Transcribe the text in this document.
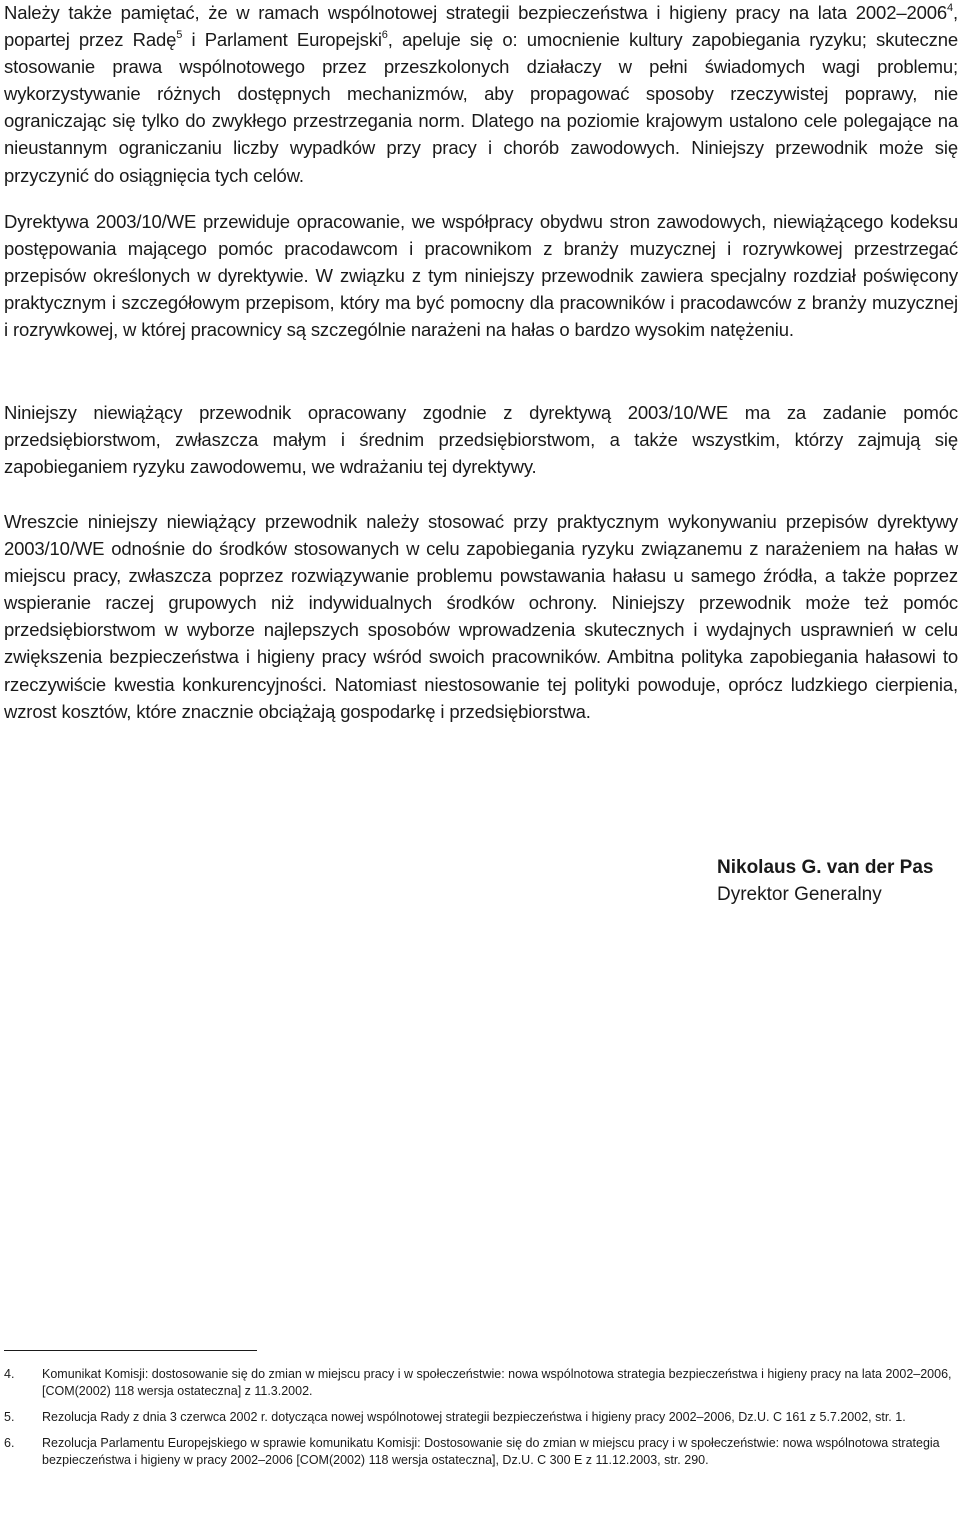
Należy także pamiętać, że w ramach wspólnotowej strategii bezpieczeństwa i higieny pracy na lata 2002–2006$^4$, popartej przez Radę$^5$ i Parlament Europejski$^6$, apeluje się o: umocnienie kultury zapobiegania ryzyku; skuteczne stosowanie prawa wspólnotowego przez przeszkolonych działaczy w pełni świadomych wagi problemu; wykorzystywanie różnych dostępnych mechanizmów, aby propagować sposoby rzeczywistej poprawy, nie ograniczając się tylko do zwykłego przestrzegania norm. Dlatego na poziomie krajowym ustalono cele polegające na nieustannym ograniczaniu liczby wypadków przy pracy i chorób zawodowych. Niniejszy przewodnik może się przyczynić do osiągnięcia tych celów.

Dyrektywa 2003/10/WE przewiduje opracowanie, we współpracy obydwu stron zawodowych, niewiążącego kodeksu postępowania mającego pomóc pracodawcom i pracownikom z branży muzycznej i rozrywkowej przestrzegać przepisów określonych w dyrektywie. W związku z tym niniejszy przewodnik zawiera specjalny rozdział poświęcony praktycznym i szczegółowym przepisom, który ma być pomocny dla pracowników i pracodawców z branży muzycznej i rozrywkowej, w której pracownicy są szczególnie narażeni na hałas o bardzo wysokim natężeniu.

Niniejszy niewiążący przewodnik opracowany zgodnie z dyrektywą 2003/10/WE ma za zadanie pomóc przedsiębiorstwom, zwłaszcza małym i średnim przedsiębiorstwom, a także wszystkim, którzy zajmują się zapobieganiem ryzyku zawodowemu, we wdrażaniu tej dyrektywy.

Wreszcie niniejszy niewiążący przewodnik należy stosować przy praktycznym wykonywaniu przepisów dyrektywy 2003/10/WE odnośnie do środków stosowanych w celu zapobiegania ryzyku związanemu z narażeniem na hałas w miejscu pracy, zwłaszcza poprzez rozwiązywanie problemu powstawania hałasu u samego źródła, a także poprzez wspieranie raczej grupowych niż indywidualnych środków ochrony. Niniejszy przewodnik może też pomóc przedsiębiorstwom w wyborze najlepszych sposobów wprowadzenia skutecznych i wydajnych usprawnień w celu zwiększenia bezpieczeństwa i higieny pracy wśród swoich pracowników. Ambitna polityka zapobiegania hałasowi to rzeczywiście kwestia konkurencyjności. Natomiast niestosowanie tej polityki powoduje, oprócz ludzkiego cierpienia, wzrost kosztów, które znacznie obciążają gospodarkę i przedsiębiorstwa.

Nikolaus G. van der Pas
Dyrektor Generalny
4. Komunikat Komisji: dostosowanie się do zmian w miejscu pracy i w społeczeństwie: nowa wspólnotowa strategia bezpieczeństwa i higieny pracy na lata 2002–2006, [COM(2002) 118 wersja ostateczna] z 11.3.2002.
5. Rezolucja Rady z dnia 3 czerwca 2002 r. dotycząca nowej wspólnotowej strategii bezpieczeństwa i higieny pracy 2002–2006, Dz.U. C 161 z 5.7.2002, str. 1.
6. Rezolucja Parlamentu Europejskiego w sprawie komunikatu Komisji: Dostosowanie się do zmian w miejscu pracy i w społeczeństwie: nowa wspólnotowa strategia bezpieczeństwa i higieny w pracy 2002–2006 [COM(2002) 118 wersja ostateczna], Dz.U. C 300 E z 11.12.2003, str. 290.
